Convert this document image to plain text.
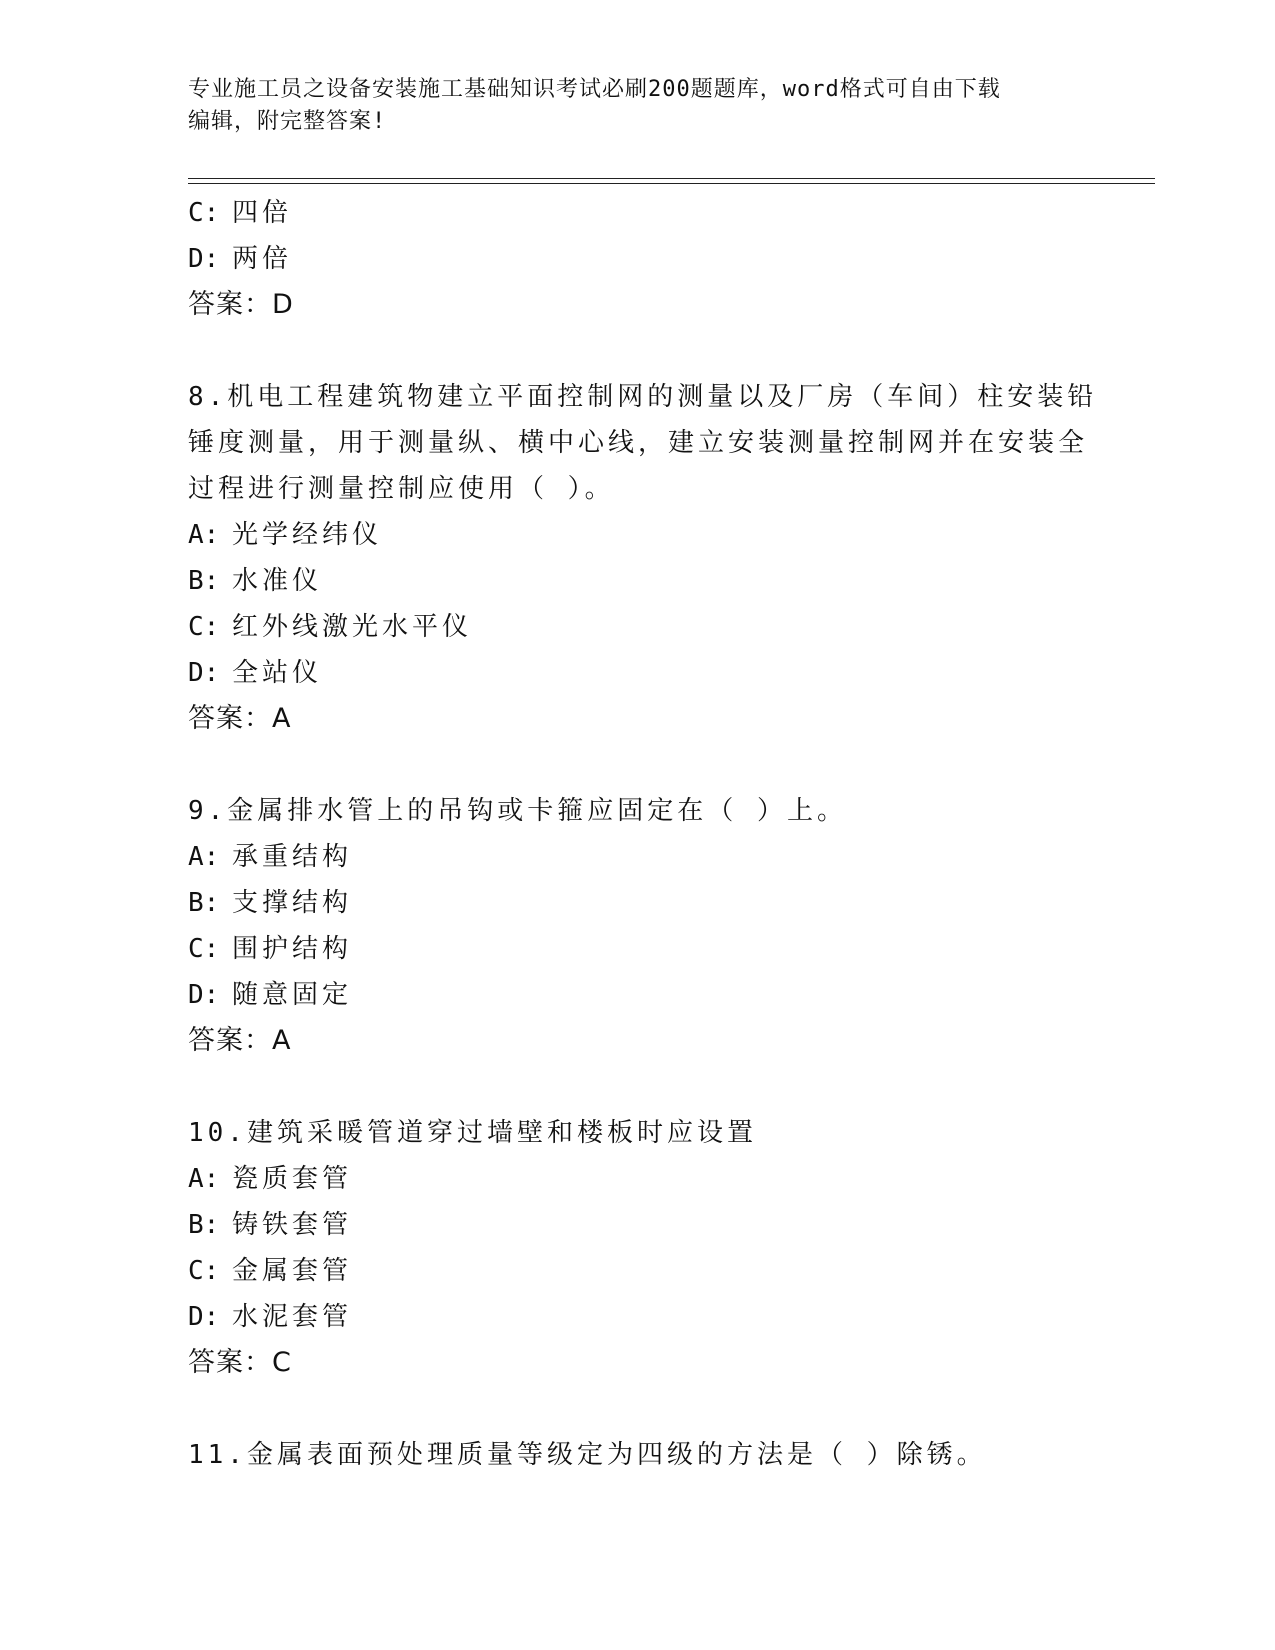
专业施工员之设备安装施工基础知识考试必刷200题题库，word格式可自由下载
编辑，附完整答案!
C: 四倍
D: 两倍
答案：D
8.机电工程建筑物建立平面控制网的测量以及厂房（车间）柱安装铅
锤度测量，用于测量纵、横中心线，建立安装测量控制网并在安装全
过程进行测量控制应使用（ ）。
A: 光学经纬仪
B: 水准仪
C: 红外线激光水平仪
D: 全站仪
答案：A
9.金属排水管上的吊钩或卡箍应固定在（ ）上。
A: 承重结构
B: 支撑结构
C: 围护结构
D: 随意固定
答案：A
10.建筑采暖管道穿过墙壁和楼板时应设置
A: 瓷质套管
B: 铸铁套管
C: 金属套管
D: 水泥套管
答案：C
11.金属表面预处理质量等级定为四级的方法是（ ）除锈。
